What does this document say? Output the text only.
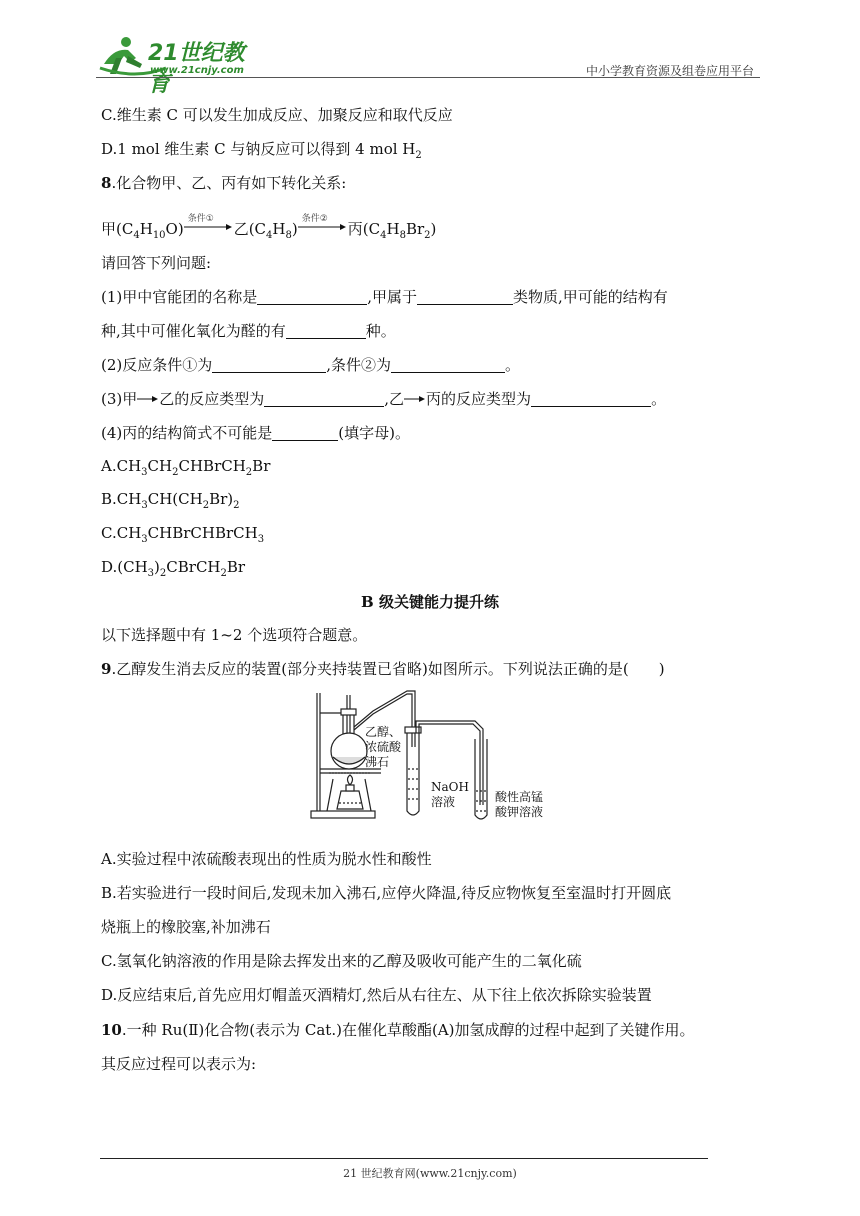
21世纪教育
www.21cnjy.com	中小学教育资源及组卷应用平台
C.维生素 C 可以发生加成反应、加聚反应和取代反应
D.1 mol 维生素 C 与钠反应可以得到 4 mol $H_2$
8.化合物甲、乙、丙有如下转化关系:
甲$(C_4H_{10}O)$
条件①
乙$(C_4H_8)$
条件②
丙$(C_4H_8Br_2)$
请回答下列问题:
(1)甲中官能团的名称是	,甲属于	类物质,甲可能的结构有
种,其中可催化氧化为醛的有	种。
(2)反应条件①为	,条件②为	。
(3)甲 乙的反应类型为	,乙 丙的反应类型为	。
(4)丙的结构简式不可能是	(填字母)。
$A.CH_3CH_2CHBrCH_2Br$
$B.CH_3CH(CH_2Br)_2$
$C.CH_3CHBrCHBrCH_3$
$D.(CH_3)_2CBrCH_2Br$
B 级关键能力提升练
以下选择题中有 1~2 个选项符合题意。
9.乙醇发生消去反应的装置(部分夹持装置已省略)如图所示。下列说法正确的是(　　)
乙醇、
浓硫酸
沸石
NaOH
溶液	酸性高锰
酸钾溶液
A.实验过程中浓硫酸表现出的性质为脱水性和酸性
B.若实验进行一段时间后,发现未加入沸石,应停火降温,待反应物恢复至室温时打开圆底
烧瓶上的橡胶塞,补加沸石
C.氢氧化钠溶液的作用是除去挥发出来的乙醇及吸收可能产生的二氧化硫
D.反应结束后,首先应用灯帽盖灭酒精灯,然后从右往左、从下往上依次拆除实验装置
10.一种 Ru(Ⅱ)化合物(表示为 Cat.)在催化草酸酯(A)加氢成醇的过程中起到了关键作用。
其反应过程可以表示为:
21 世纪教育网(www.21cnjy.com)
